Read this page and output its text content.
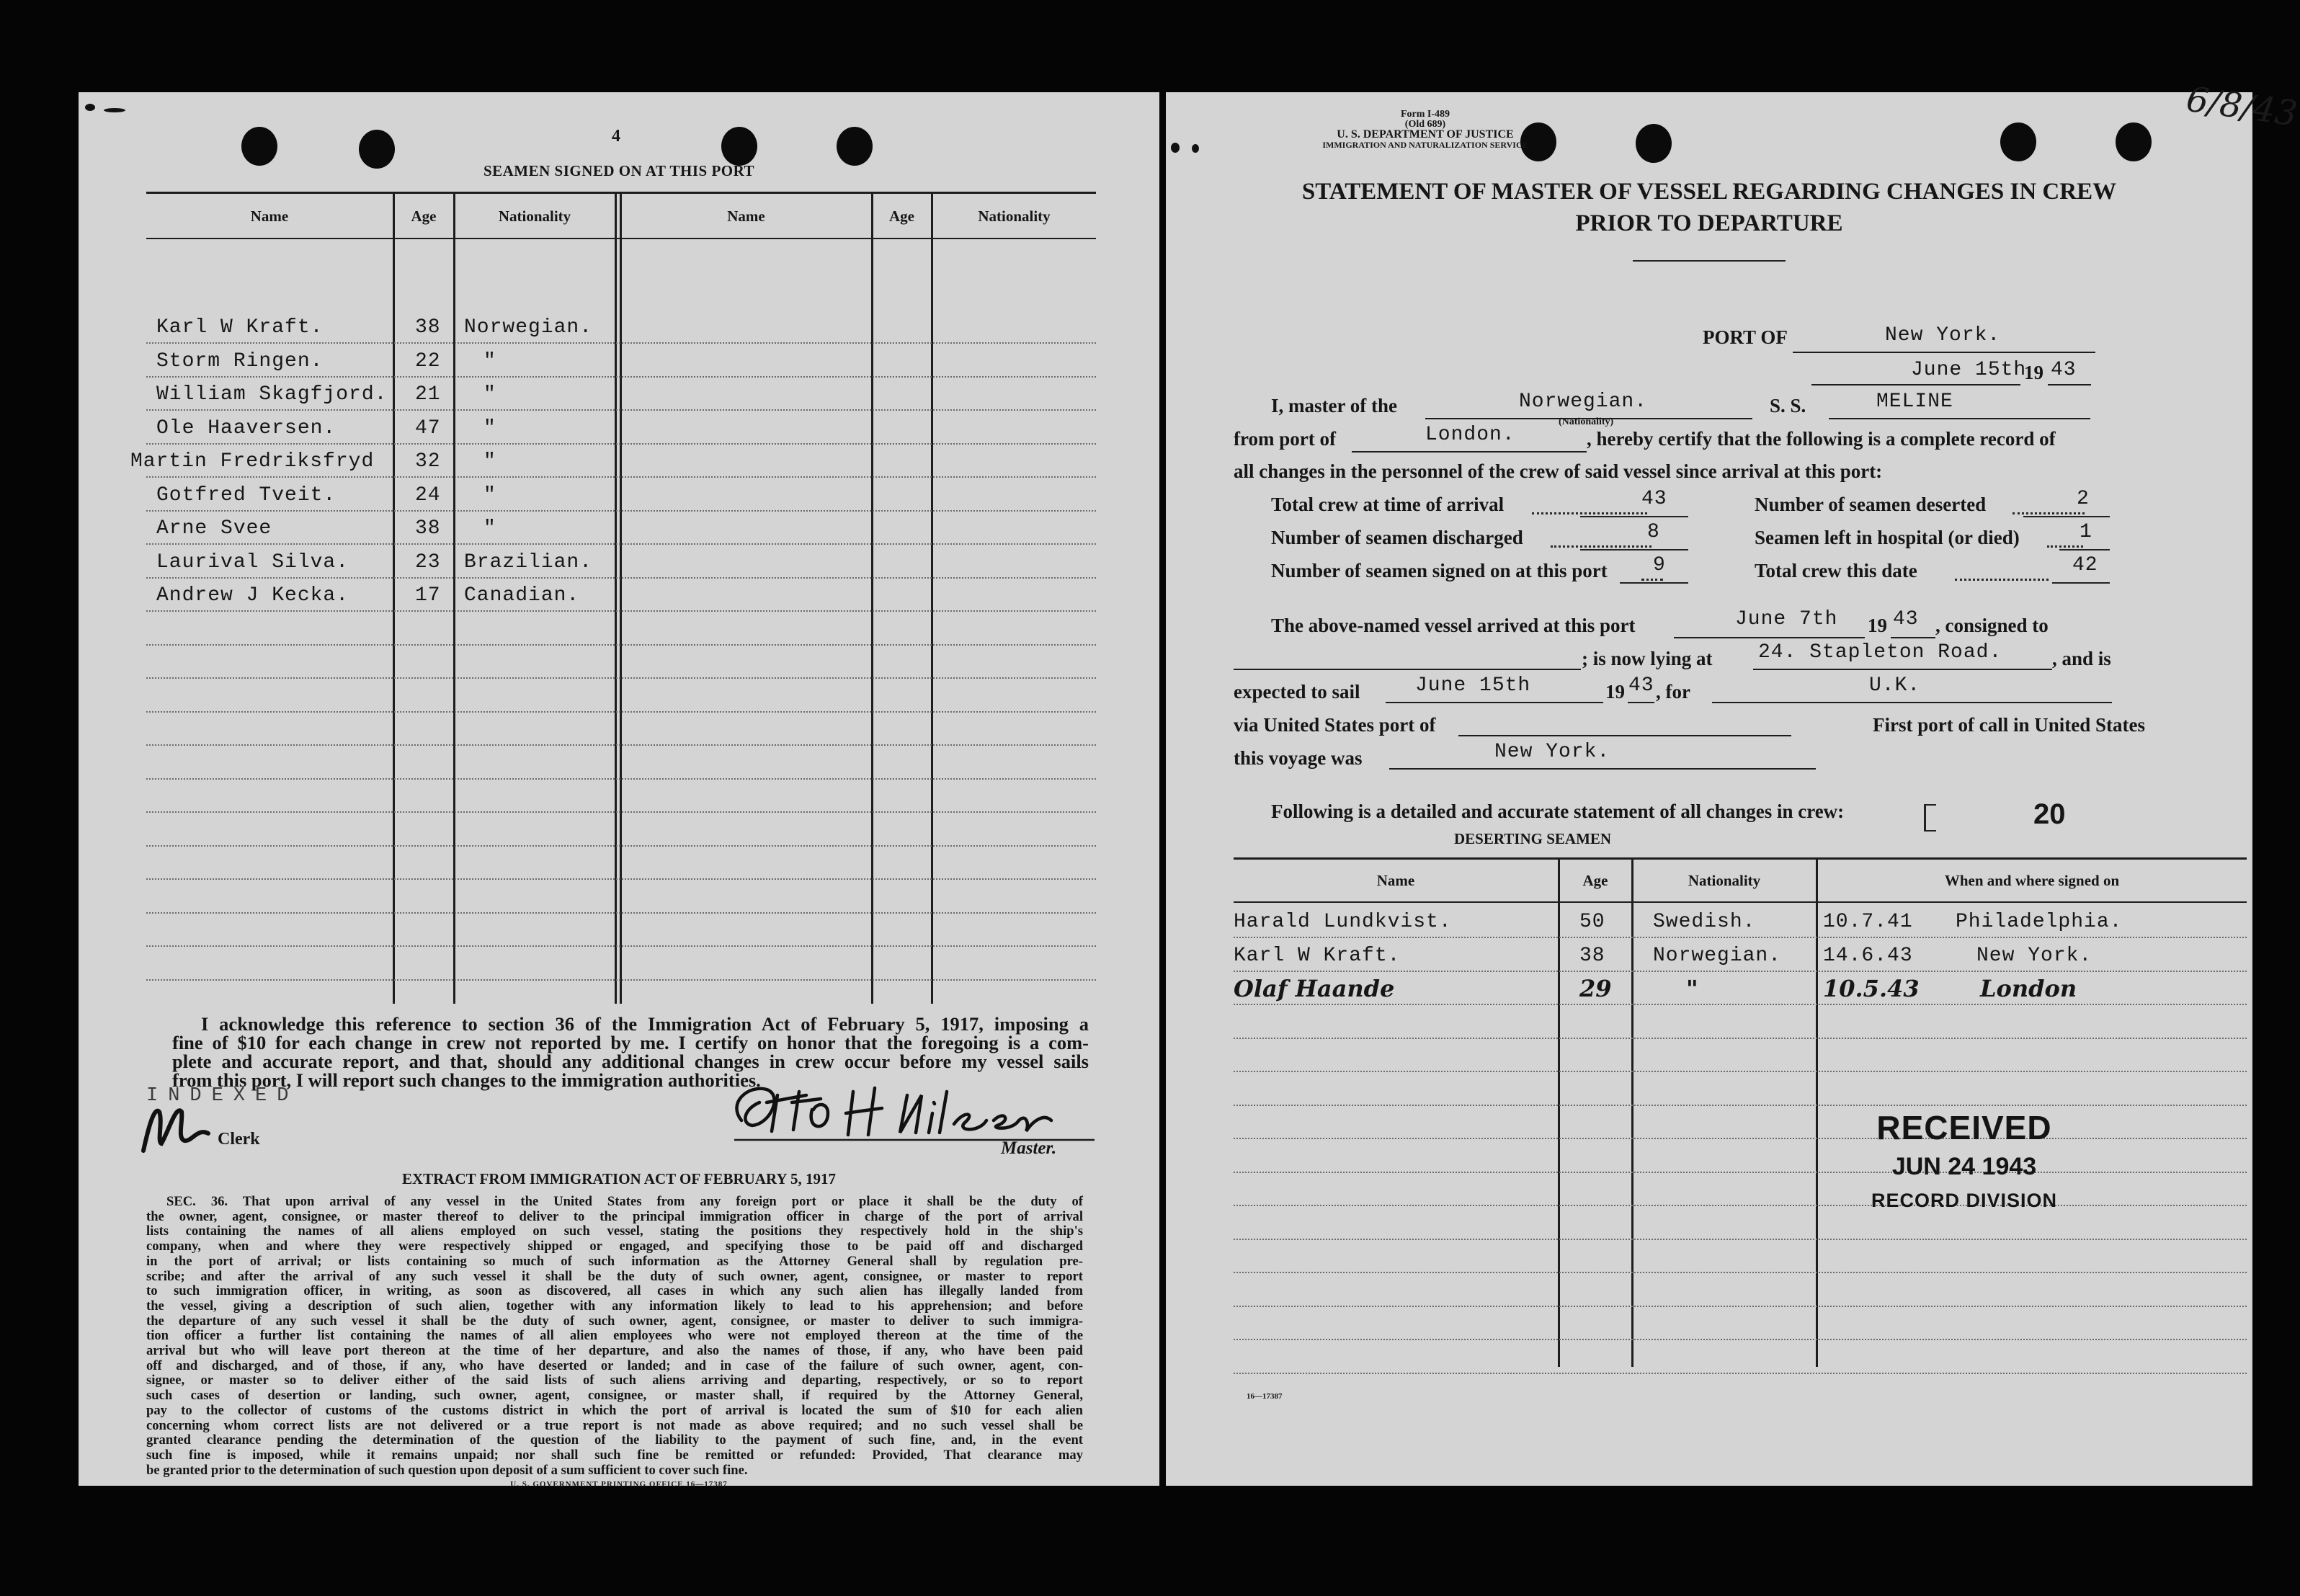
4
SEAMEN SIGNED ON AT THIS PORT
Name	Age	Nationality	Name	Age	Nationality
Karl W Kraft.	38 Norwegian.
Storm Ringen.	22 "
William Skagfjord. 21 "
Ole Haaversen.	47 "
Martin Fredriksfryd 32 "
Gotfred Tveit.	24 "
Arne Svee	38 "
Laurival Silva.	23 Brazilian.
Andrew J Kecka.	17 Canadian.
I acknowledge this reference to section 36 of the Immigration Act of February 5, 1917, imposing a
fine of $10 for each change in crew not reported by me. I certify on honor that the foregoing is a com-
plete and accurate report, and that, should any additional changes in crew occur before my vessel sails
from this port, I will report such changes to the immigration authorities.
INDEXED
Clerk	Master.
EXTRACT FROM IMMIGRATION ACT OF FEBRUARY 5, 1917
SEC. 36. That upon arrival of any vessel in the United States from any foreign port or place it shall be the duty of
the owner, agent, consignee, or master thereof to deliver to the principal immigration officer in charge of the port of arrival
lists containing the names of all aliens employed on such vessel, stating the positions they respectively hold in the ship's
company, when and where they were respectively shipped or engaged, and specifying those to be paid off and discharged
in the port of arrival; or lists containing so much of such information as the Attorney General shall by regulation pre-
scribe; and after the arrival of any such vessel it shall be the duty of such owner, agent, consignee, or master to report
to such immigration officer, in writing, as soon as discovered, all cases in which any such alien has illegally landed from
the vessel, giving a description of such alien, together with any information likely to lead to his apprehension; and before
the departure of any such vessel it shall be the duty of such owner, agent, consignee, or master to deliver to such immigra-
tion officer a further list containing the names of all alien employees who were not employed thereon at the time of the
arrival but who will leave port thereon at the time of her departure, and also the names of those, if any, who have been paid
off and discharged, and of those, if any, who have deserted or landed; and in case of the failure of such owner, agent, con-
signee, or master so to deliver either of the said lists of such aliens arriving and departing, respectively, or so to report
such cases of desertion or landing, such owner, agent, consignee, or master shall, if required by the Attorney General,
pay to the collector of customs of the customs district in which the port of arrival is located the sum of $10 for each alien
concerning whom correct lists are not delivered or a true report is not made as above required; and no such vessel shall be
granted clearance pending the determination of the question of the liability to the payment of such fine, and, in the event
such fine is imposed, while it remains unpaid; nor shall such fine be remitted or refunded: Provided, That clearance may
be granted prior to the determination of such question upon deposit of a sum sufficient to cover such fine.
U. S. GOVERNMENT PRINTING OFFICE 16—17387
Form I-489
(Old 689)
U. S. DEPARTMENT OF JUSTICE
IMMIGRATION AND NATURALIZATION SERVICE
6/8/43
STATEMENT OF MASTER OF VESSEL REGARDING CHANGES IN CREW
PRIOR TO DEPARTURE
PORT OF	New York.
June 15th
19 43
I, master of the	Norwegian.
(Nationality)
S. S.	MELINE
from port of	London.	, hereby certify that the following is a complete record of
all changes in the personnel of the crew of said vessel since arrival at this port:
Total crew at time of arrival	43
Number of seamen discharged	8
Number of seamen signed on at this port 9
Number of seamen deserted	2
Seamen left in hospital (or died)	1
Total crew this date	42
The above-named vessel arrived at this port	June 7th 19 43 , consigned to
; is now lying at 24. Stapleton Road.	, and is
expected to sail	June 15th	19 43 , for	U.K.
via United States port of	First port of call in United States
this voyage was	New York.
Following is a detailed and accurate statement of all changes in crew:	20
DESERTING SEAMEN
Name	Age	Nationality	When and where signed on
Harald Lundkvist.	50 Swedish.	10.7.41 Philadelphia.
Karl W Kraft.	38 Norwegian. 14.6.43	New York.
Olaf Haande	29	"	10.5.43	London
RECEIVED
JUN 24 1943
RECORD DIVISION
16—17387
